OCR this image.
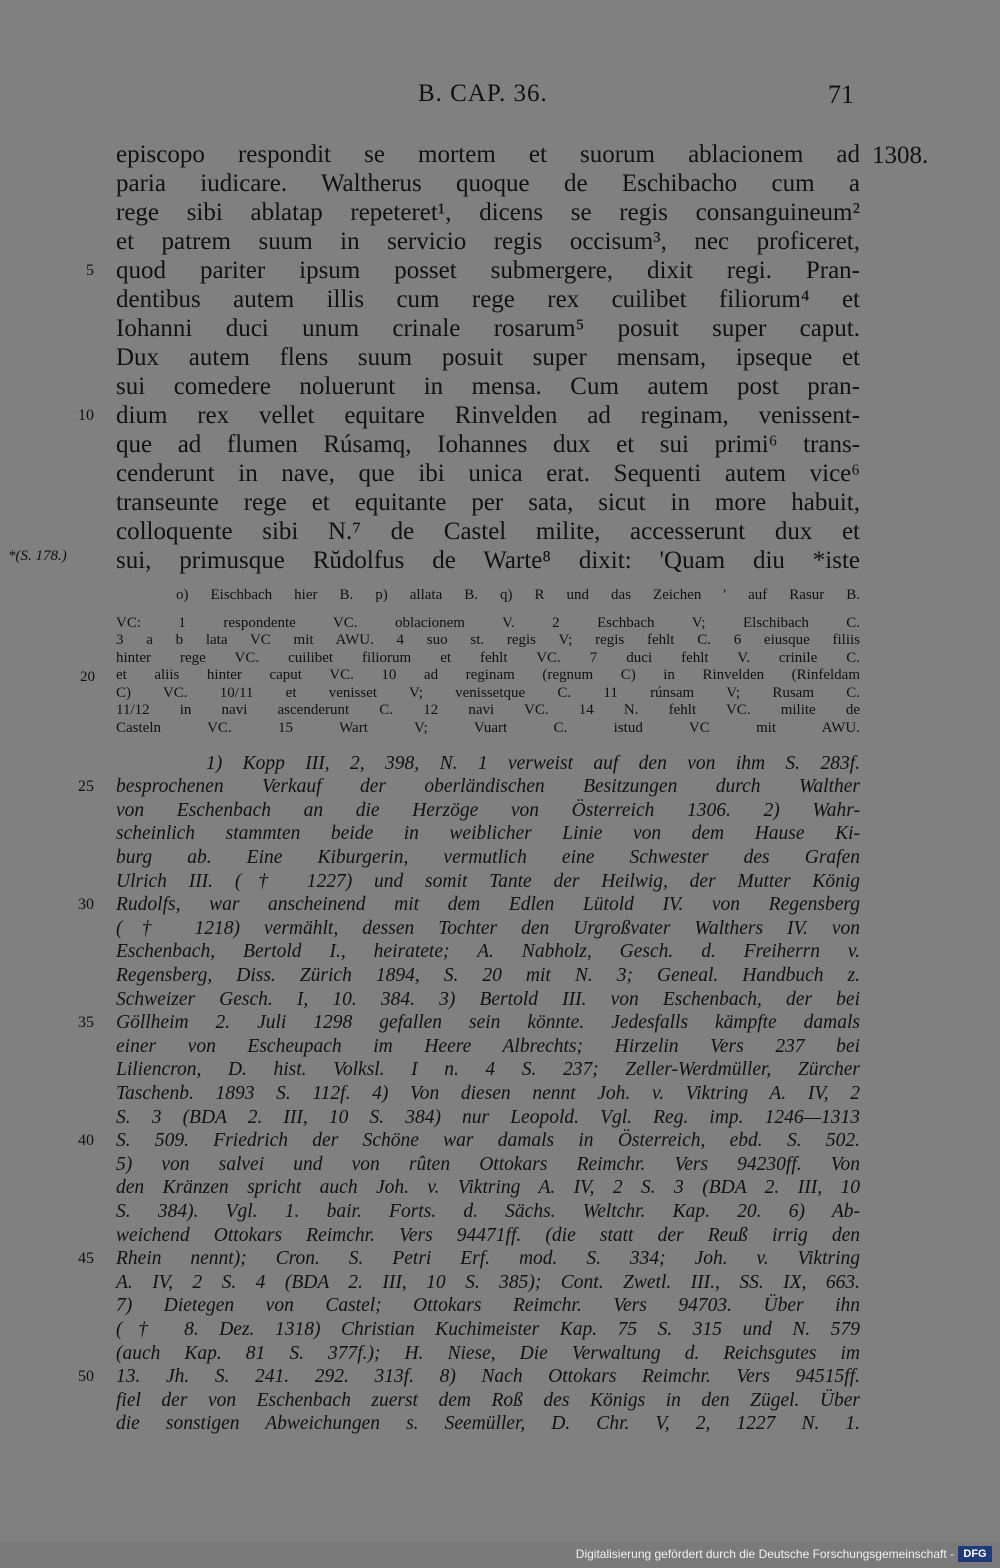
B. CAP. 36.	71
1308.
*(S. 178.)
episcopo respondit se mortem et suorum ablacionem ad
paria iudicare. Waltherus quoque de Eschibacho cum a
rege sibi ablatap repeteret¹, dicens se regis consanguineum²
et patrem suum in servicio regis occisum³, nec proficeret,
quod pariter ipsum posset submergere, dixit regi. Pran-
dentibus autem illis cum rege rex cuilibet filiorum⁴ et
Iohanni duci unum crinale rosarum⁵ posuit super caput.
Dux autem flens suum posuit super mensam, ipseque et
sui comedere noluerunt in mensa. Cum autem post pran-
dium rex vellet equitare Rinvelden ad reginam, venissent-
que ad flumen Rúsamq, Iohannes dux et sui primi⁶ trans-
cenderunt in nave, que ibi unica erat. Sequenti autem vice⁶
transeunte rege et equitante per sata, sicut in more habuit,
colloquente sibi N.⁷ de Castel milite, accesserunt dux et
sui, primusque Rŭdolfus de Warte⁸ dixit: 'Quam diu *iste
5
10
20
25
30
35
40
45
50
o) Eischbach hier B. p) allata B. q) R und das Zeichen ' auf Rasur B.
VC: 1 respondente VC. oblacionem V. 2 Eschbach V; Elschibach C.
3 a b lata VC mit AWU. 4 suo st. regis V; regis fehlt C. 6 eiusque filiis
hinter rege VC. cuilibet filiorum et fehlt VC. 7 duci fehlt V. crinile C.
et aliis hinter caput VC. 10 ad reginam (regnum C) in Rinvelden (Rinfeldam
C) VC. 10/11 et venisset V; venissetque C. 11 rúnsam V; Rusam C.
11/12 in navi ascenderunt C. 12 navi VC. 14 N. fehlt VC. milite de
Casteln VC. 15 Wart V; Vuart C. istud VC mit AWU.
1) Kopp III, 2, 398, N. 1 verweist auf den von ihm S. 283f.
besprochenen Verkauf der oberländischen Besitzungen durch Walther
von Eschenbach an die Herzöge von Österreich 1306. 2) Wahr-
scheinlich stammten beide in weiblicher Linie von dem Hause Ki-
burg ab. Eine Kiburgerin, vermutlich eine Schwester des Grafen
Ulrich III. († 1227) und somit Tante der Heilwig, der Mutter König
Rudolfs, war anscheinend mit dem Edlen Lütold IV. von Regensberg
(† 1218) vermählt, dessen Tochter den Urgroßvater Walthers IV. von
Eschenbach, Bertold I., heiratete; A. Nabholz, Gesch. d. Freiherrn v.
Regensberg, Diss. Zürich 1894, S. 20 mit N. 3; Geneal. Handbuch z.
Schweizer Gesch. I, 10. 384. 3) Bertold III. von Eschenbach, der bei
Göllheim 2. Juli 1298 gefallen sein könnte. Jedesfalls kämpfte damals
einer von Escheupach im Heere Albrechts; Hirzelin Vers 237 bei
Liliencron, D. hist. Volksl. I n. 4 S. 237; Zeller-Werdmüller, Zürcher
Taschenb. 1893 S. 112f. 4) Von diesen nennt Joh. v. Viktring A. IV, 2
S. 3 (BDA 2. III, 10 S. 384) nur Leopold. Vgl. Reg. imp. 1246—1313
S. 509. Friedrich der Schöne war damals in Österreich, ebd. S. 502.
5) von salvei und von rûten Ottokars Reimchr. Vers 94230ff. Von
den Kränzen spricht auch Joh. v. Viktring A. IV, 2 S. 3 (BDA 2. III, 10
S. 384). Vgl. 1. bair. Forts. d. Sächs. Weltchr. Kap. 20. 6) Ab-
weichend Ottokars Reimchr. Vers 94471ff. (die statt der Reuß irrig den
Rhein nennt); Cron. S. Petri Erf. mod. S. 334; Joh. v. Viktring
A. IV, 2 S. 4 (BDA 2. III, 10 S. 385); Cont. Zwetl. III., SS. IX, 663.
7) Dietegen von Castel; Ottokars Reimchr. Vers 94703. Über ihn
(† 8. Dez. 1318) Christian Kuchimeister Kap. 75 S. 315 und N. 579
(auch Kap. 81 S. 377f.); H. Niese, Die Verwaltung d. Reichsgutes im
13. Jh. S. 241. 292. 313f. 8) Nach Ottokars Reimchr. Vers 94515ff.
fiel der von Eschenbach zuerst dem Roß des Königs in den Zügel. Über
die sonstigen Abweichungen s. Seemüller, D. Chr. V, 2, 1227 N. 1.
Digitalisierung gefördert durch die Deutsche Forschungsgemeinschaft - DFG
